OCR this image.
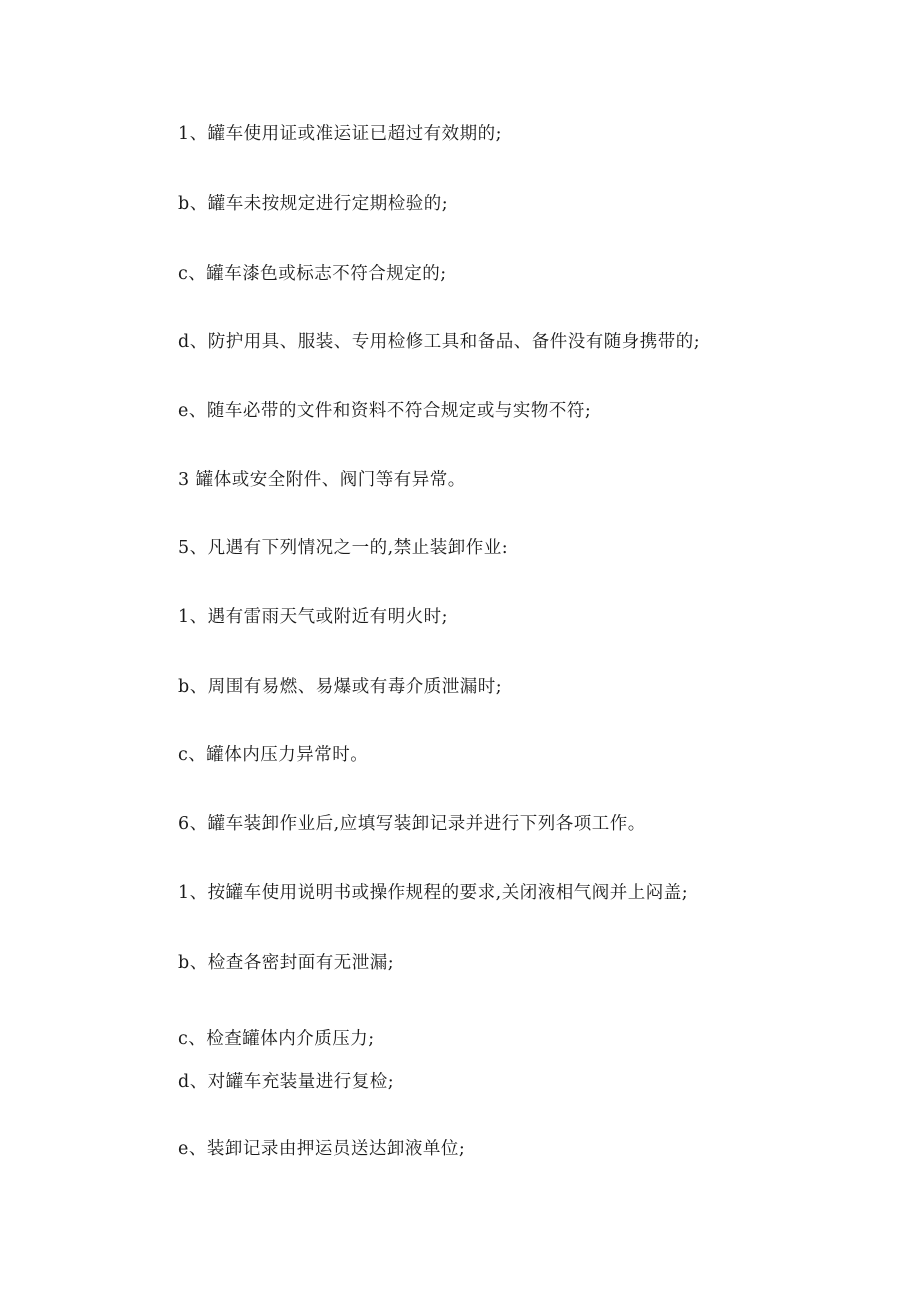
1、罐车使用证或准运证已超过有效期的;
b、罐车未按规定进行定期检验的;
c、罐车漆色或标志不符合规定的;
d、防护用具、服装、专用检修工具和备品、备件没有随身携带的;
e、随车必带的文件和资料不符合规定或与实物不符;
3 罐体或安全附件、阀门等有异常。
5、凡遇有下列情况之一的,禁止装卸作业:
1、遇有雷雨天气或附近有明火时;
b、周围有易燃、易爆或有毒介质泄漏时;
c、罐体内压力异常时。
6、罐车装卸作业后,应填写装卸记录并进行下列各项工作。
1、按罐车使用说明书或操作规程的要求,关闭液相气阀并上闷盖;
b、检查各密封面有无泄漏;
c、检查罐体内介质压力;
d、对罐车充装量进行复检;
e、装卸记录由押运员送达卸液单位;
